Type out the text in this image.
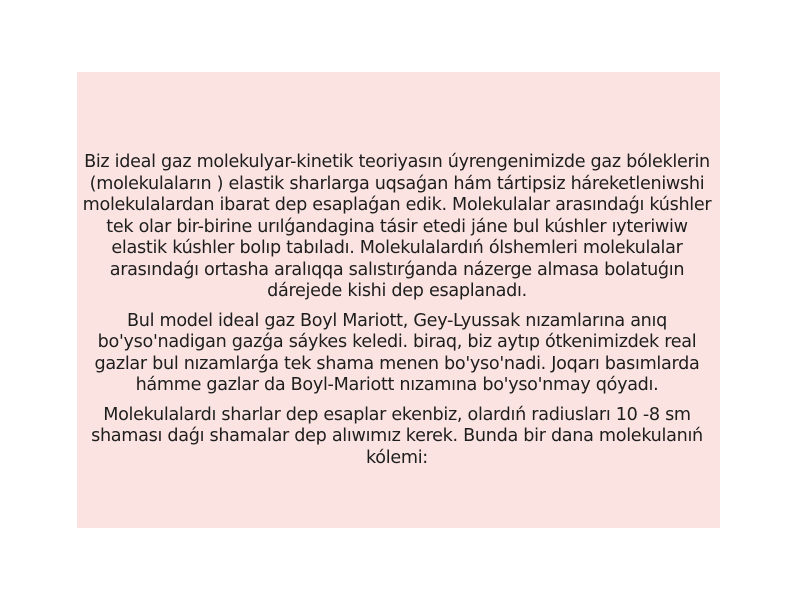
Biz ideal gaz molekulyar-kinetik teoriyasın úyrengenimizde gaz bóleklerin (molekulaların ) elastik sharlarga uqsaǵan hám tártipsiz háreketleniwshi molekulalardan ibarat dep esaplaǵan edik. Molekulalar arasındaǵı kúshler tek olar bir-birine urılǵandagina tásir etedi jáne bul kúshler ıyteriwiw elastik kúshler bolıp tabıladı. Molekulalardıń ólshemleri molekulalar arasındaǵı ortasha aralıqqa salıstırǵanda názerge almasa bolatuǵın dárejede kishi dep esaplanadı.

Bul model ideal gaz Boyl Mariott, Gey-Lyussak nızamlarına anıq bo'yso'nadigan gazǵa sáykes keledi. biraq, biz aytıp ótkenimizdek real gazlar bul nızamlarǵa tek shama menen bo'yso'nadi. Joqarı basımlarda hámme gazlar da Boyl-Mariott nızamına bo'yso'nmay qóyadı.

Molekulalardı sharlar dep esaplar ekenbiz, olardıń radiusları 10 -8 sm shaması daǵı shamalar dep alıwımız kerek. Bunda bir dana molekulanıń kólemi:
